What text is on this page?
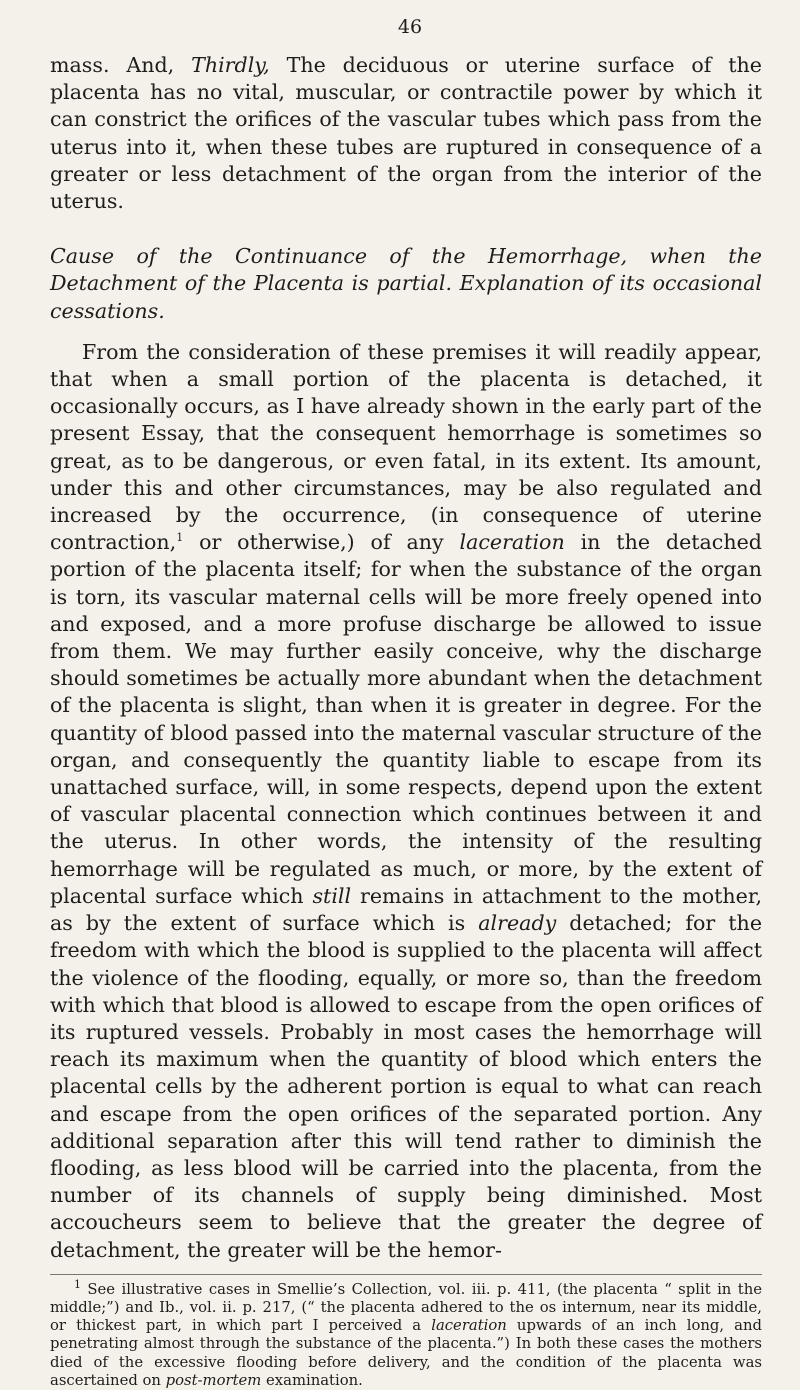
46

mass. And, Thirdly, The deciduous or uterine surface of the placenta has no vital, muscular, or contractile power by which it can constrict the orifices of the vascular tubes which pass from the uterus into it, when these tubes are ruptured in consequence of a greater or less detachment of the organ from the interior of the uterus.

Cause of the Continuance of the Hemorrhage, when the Detachment of the Placenta is partial. Explanation of its occasional cessations.

From the consideration of these premises it will readily appear, that when a small portion of the placenta is detached, it occasionally occurs, as I have already shown in the early part of the present Essay, that the consequent hemorrhage is sometimes so great, as to be dangerous, or even fatal, in its extent. Its amount, under this and other circumstances, may be also regulated and increased by the occurrence, (in consequence of uterine contraction,$^1$ or otherwise,) of any laceration in the detached portion of the placenta itself; for when the substance of the organ is torn, its vascular maternal cells will be more freely opened into and exposed, and a more profuse discharge be allowed to issue from them. We may further easily conceive, why the discharge should sometimes be actually more abundant when the detachment of the placenta is slight, than when it is greater in degree. For the quantity of blood passed into the maternal vascular structure of the organ, and consequently the quantity liable to escape from its unattached surface, will, in some respects, depend upon the extent of vascular placental connection which continues between it and the uterus. In other words, the intensity of the resulting hemorrhage will be regulated as much, or more, by the extent of placental surface which still remains in attachment to the mother, as by the extent of surface which is already detached; for the freedom with which the blood is supplied to the placenta will affect the violence of the flooding, equally, or more so, than the freedom with which that blood is allowed to escape from the open orifices of its ruptured vessels. Probably in most cases the hemorrhage will reach its maximum when the quantity of blood which enters the placental cells by the adherent portion is equal to what can reach and escape from the open orifices of the separated portion. Any additional separation after this will tend rather to diminish the flooding, as less blood will be carried into the placenta, from the number of its channels of supply being diminished. Most accoucheurs seem to believe that the greater the degree of detachment, the greater will be the hemor-

$^1$ See illustrative cases in Smellie’s Collection, vol. iii. p. 411, (the placenta “ split in the middle;”) and Ib., vol. ii. p. 217, (“ the placenta adhered to the os internum, near its middle, or thickest part, in which part I perceived a laceration upwards of an inch long, and penetrating almost through the substance of the placenta.”) In both these cases the mothers died of the excessive flooding before delivery, and the condition of the placenta was ascertained on post-mortem examination.
